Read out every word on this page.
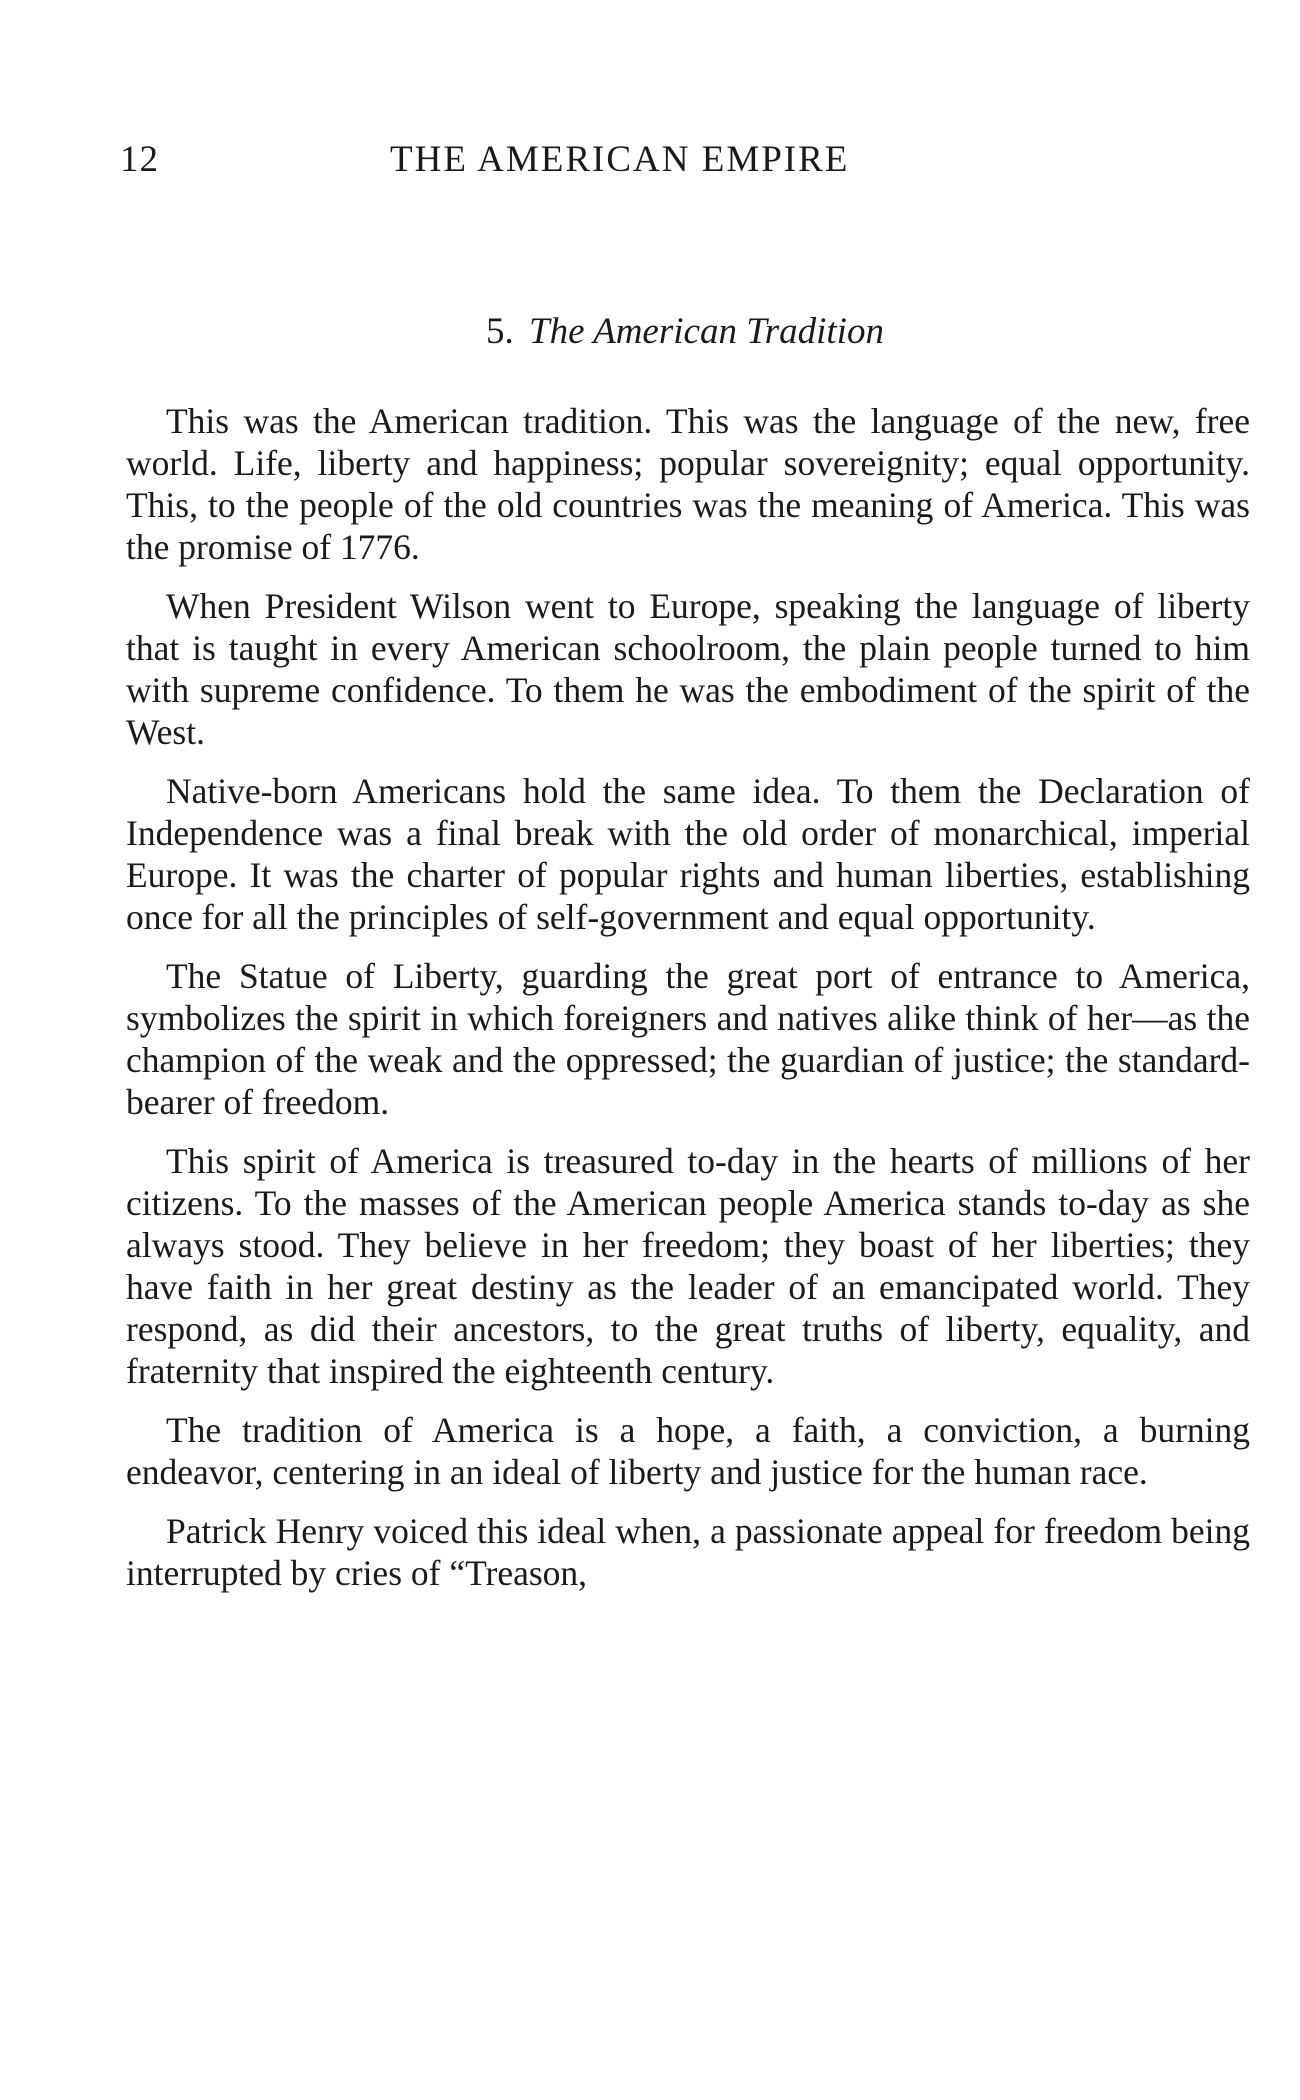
12	THE AMERICAN EMPIRE
5. The American Tradition

This was the American tradition. This was the language of the new, free world. Life, liberty and happiness; popular sovereignity; equal opportunity. This, to the people of the old countries was the meaning of America. This was the promise of 1776.

When President Wilson went to Europe, speaking the language of liberty that is taught in every American schoolroom, the plain people turned to him with supreme confidence. To them he was the embodiment of the spirit of the West.

Native-born Americans hold the same idea. To them the Declaration of Independence was a final break with the old order of monarchical, imperial Europe. It was the charter of popular rights and human liberties, establishing once for all the principles of self-government and equal opportunity.

The Statue of Liberty, guarding the great port of entrance to America, symbolizes the spirit in which foreigners and natives alike think of her—as the champion of the weak and the oppressed; the guardian of justice; the standard-bearer of freedom.

This spirit of America is treasured to-day in the hearts of millions of her citizens. To the masses of the American people America stands to-day as she always stood. They believe in her freedom; they boast of her liberties; they have faith in her great destiny as the leader of an emancipated world. They respond, as did their ancestors, to the great truths of liberty, equality, and fraternity that inspired the eighteenth century.

The tradition of America is a hope, a faith, a conviction, a burning endeavor, centering in an ideal of liberty and justice for the human race.

Patrick Henry voiced this ideal when, a passionate appeal for freedom being interrupted by cries of “Treason,
